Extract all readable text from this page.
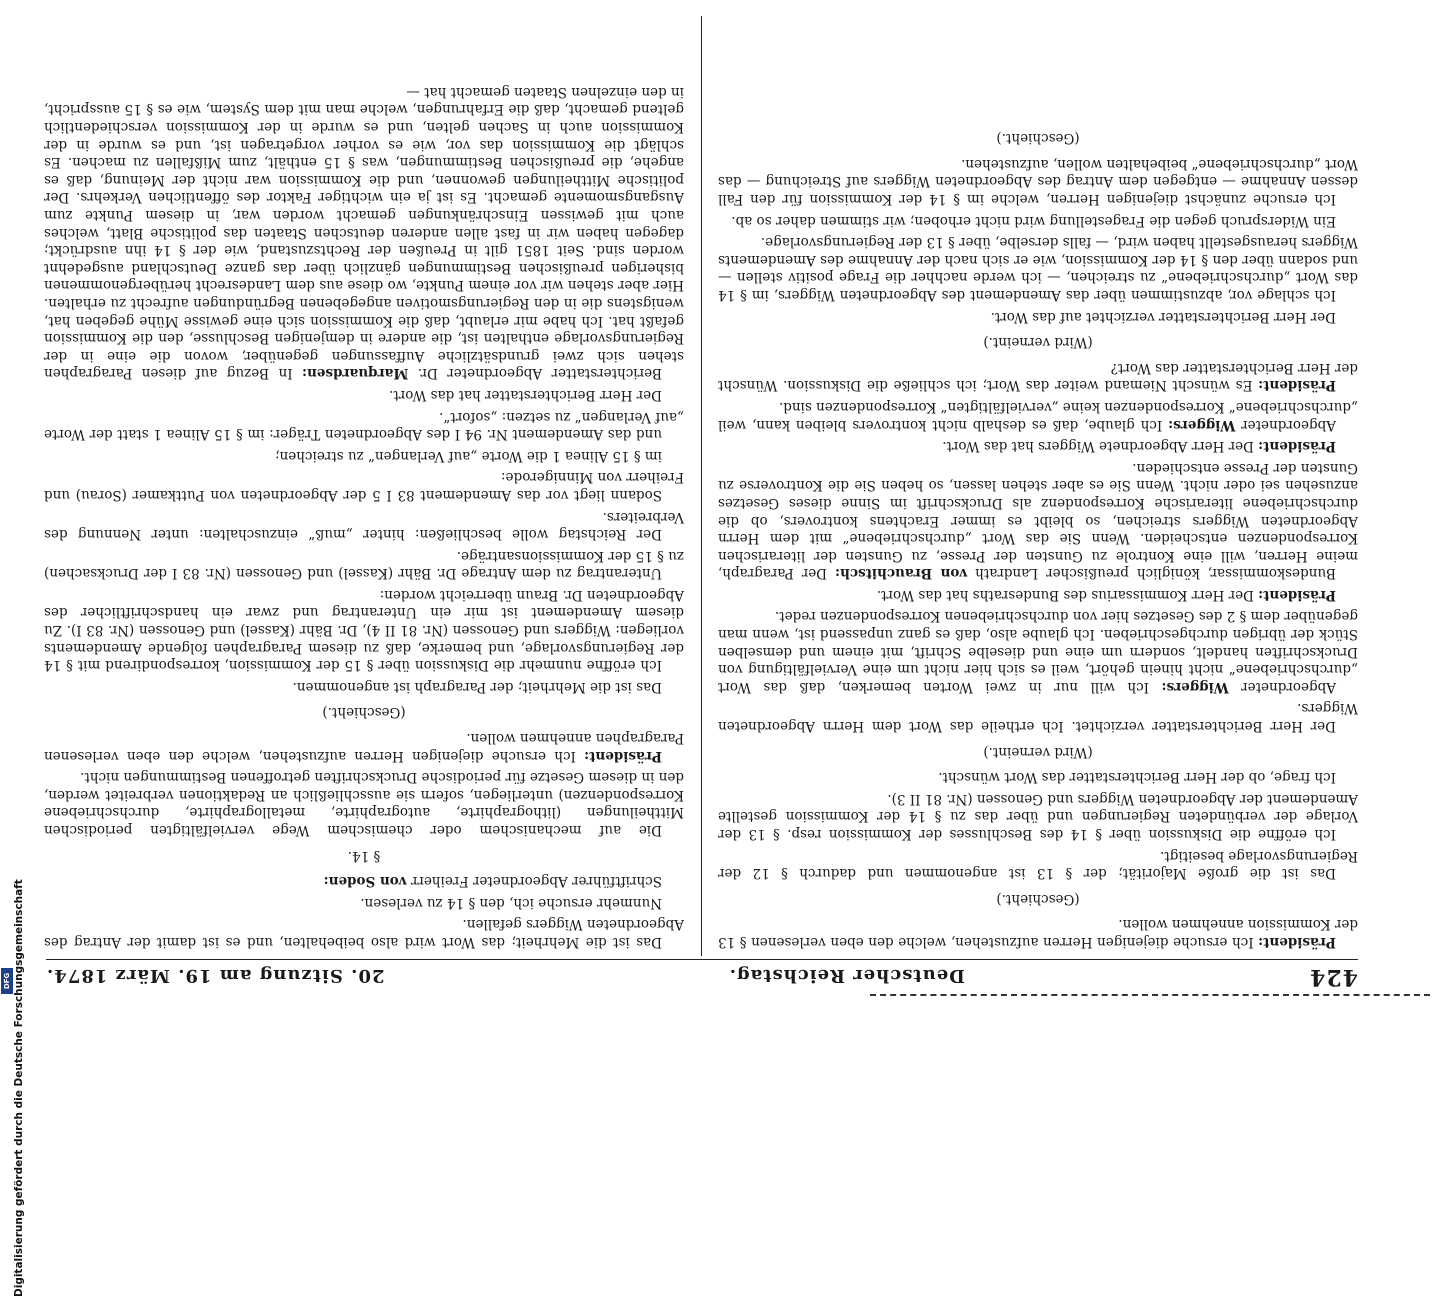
424
Deutscher Reichstag.
20. Sitzung am 19. März 1874.

Präsident: Ich ersuche diejenigen Herren aufzustehen, welche den eben verlesenen § 13 der Kommission annehmen wollen.

(Geschieht.)

Das ist die große Majorität; der § 13 ist angenommen und dadurch § 12 der Regierungsvorlage beseitigt.

Ich eröffne die Diskussion über § 14 des Beschlusses der Kommission resp. § 13 der Vorlage der verbündeten Regierungen und über das zu § 14 der Kommission gestellte Amendement der Abgeordneten Wiggers und Genossen (Nr. 81 II 3).

Ich frage, ob der Herr Berichterstatter das Wort wünscht.

(Wird verneint.)

Der Herr Berichterstatter verzichtet. Ich ertheile das Wort dem Herrn Abgeordneten Wiggers.

Abgeordneter Wiggers: Ich will nur in zwei Worten bemerken, daß das Wort „durchschriebene“ nicht hinein gehört, weil es sich hier nicht um eine Vervielfältigung von Druckschriften handelt, sondern um eine und dieselbe Schrift, mit einem und demselben Stück der übrigen durchgeschrieben. Ich glaube also, daß es ganz unpassend ist, wenn man gegenüber dem § 2 des Gesetzes hier von durchschriebenen Korrespondenzen redet.

Präsident: Der Herr Kommissarius des Bundesraths hat das Wort.

Bundeskommissar, königlich preußischer Landrath von Brauchitsch: Der Paragraph, meine Herren, will eine Kontrole zu Gunsten der Presse, zu Gunsten der literarischen Korrespondenzen entscheiden. Wenn Sie das Wort „durchschriebene“ mit dem Herrn Abgeordneten Wiggers streichen, so bleibt es immer Erachtens kontrovers, ob die durchschriebene literarische Korrespondenz als Druckschrift im Sinne dieses Gesetzes anzusehen sei oder nicht. Wenn Sie es aber stehen lassen, so heben Sie die Kontroverse zu Gunsten der Presse entschieden.

Präsident: Der Herr Abgeordnete Wiggers hat das Wort.

Abgeordneter Wiggers: Ich glaube, daß es deshalb nicht kontrovers bleiben kann, weil „durchschriebene“ Korrespondenzen keine „vervielfältigten“ Korrespondenzen sind.

Präsident: Es wünscht Niemand weiter das Wort; ich schließe die Diskussion. Wünscht der Herr Berichterstatter das Wort?

(Wird verneint.)

Der Herr Berichterstatter verzichtet auf das Wort.

Ich schlage vor, abzustimmen über das Amendement des Abgeordneten Wiggers, im § 14 das Wort „durchschriebene“ zu streichen, — ich werde nachher die Frage positiv stellen — und sodann über den § 14 der Kommission, wie er sich nach der Annahme des Amendements Wiggers herausgestellt haben wird, — falls derselbe, über § 13 der Regierungsvorlage.

Ein Widerspruch gegen die Fragestellung wird nicht erhoben; wir stimmen daher so ab.

Ich ersuche zunächst diejenigen Herren, welche im § 14 der Kommission für den Fall dessen Annahme — entgegen dem Antrag des Abgeordneten Wiggers auf Streichung — das Wort „durchschriebene“ beibehalten wollen, aufzustehen.

(Geschieht.)

Das ist die Mehrheit; das Wort wird also beibehalten, und es ist damit der Antrag des Abgeordneten Wiggers gefallen.

Nunmehr ersuche ich, den § 14 zu verlesen.

Schriftführer Abgeordneter Freiherr von Soden:

§ 14.

Die auf mechanischem oder chemischem Wege vervielfältigten periodischen Mittheilungen (lithographirte, autographirte, metallographirte, durchschriebene Korrespondenzen) unterliegen, sofern sie ausschließlich an Redaktionen verbreitet werden, den in diesem Gesetze für periodische Druckschriften getroffenen Bestimmungen nicht.

Präsident: Ich ersuche diejenigen Herren aufzustehen, welche den eben verlesenen Paragraphen annehmen wollen.

(Geschieht.)

Das ist die Mehrheit; der Paragraph ist angenommen.

Ich eröffne nunmehr die Diskussion über § 15 der Kommission, korrespondirend mit § 14 der Regierungsvorlage, und bemerke, daß zu diesem Paragraphen folgende Amendements vorliegen: Wiggers und Genossen (Nr. 81 II 4), Dr. Bähr (Kassel) und Genossen (Nr. 83 I). Zu diesem Amendement ist mir ein Unterantrag und zwar ein handschriftlicher des Abgeordneten Dr. Braun überreicht worden:

Unterantrag zu dem Antrage Dr. Bähr (Kassel) und Genossen (Nr. 83 I der Drucksachen) zu § 15 der Kommissionsanträge.

Der Reichstag wolle beschließen: hinter „muß“ einzuschalten: unter Nennung des Verbreiters.

Sodann liegt vor das Amendement 83 I 5 der Abgeordneten von Puttkamer (Sorau) und Freiherr von Minnigerode:

im § 15 Alinea 1 die Worte „auf Verlangen“ zu streichen;

und das Amendement Nr. 94 I des Abgeordneten Träger: im § 15 Alinea 1 statt der Worte „auf Verlangen“ zu setzen: „sofort“.

Der Herr Berichterstatter hat das Wort.

Berichterstatter Abgeordneter Dr. Marquardsen: In Bezug auf diesen Paragraphen stehen sich zwei grundsätzliche Auffassungen gegenüber, wovon die eine in der Regierungsvorlage enthalten ist, die andere in demjenigen Beschlusse, den die Kommission gefaßt hat. Ich habe mir erlaubt, daß die Kommission sich eine gewisse Mühe gegeben hat, wenigstens die in den Regierungsmotiven angegebenen Begründungen aufrecht zu erhalten. Hier aber stehen wir vor einem Punkte, wo diese aus dem Landesrecht herübergenommenen bisherigen preußischen Bestimmungen gänzlich über das ganze Deutschland ausgedehnt worden sind. Seit 1851 gilt in Preußen der Rechtszustand, wie der § 14 ihn ausdrückt; dagegen haben wir in fast allen anderen deutschen Staaten das politische Blatt, welches auch mit gewissen Einschränkungen gemacht worden war, in diesem Punkte zum Ausgangsmomente gemacht. Es ist ja ein wichtiger Faktor des öffentlichen Verkehrs. Der politische Mittheilungen gewonnen, und die Kommission war nicht der Meinung, daß es angehe, die preußischen Bestimmungen, was § 15 enthält, zum Mißfallen zu machen. Es schlägt die Kommission das vor, wie es vorher vorgetragen ist, und es wurde in der Kommission auch in Sachen gelten, und es wurde in der Kommission verschiedentlich geltend gemacht, daß die Erfahrungen, welche man mit dem System, wie es § 15 ausspricht, in den einzelnen Staaten gemacht hat —

Digitalisierung gefördert durch die Deutsche Forschungsgemeinschaft
DFG
